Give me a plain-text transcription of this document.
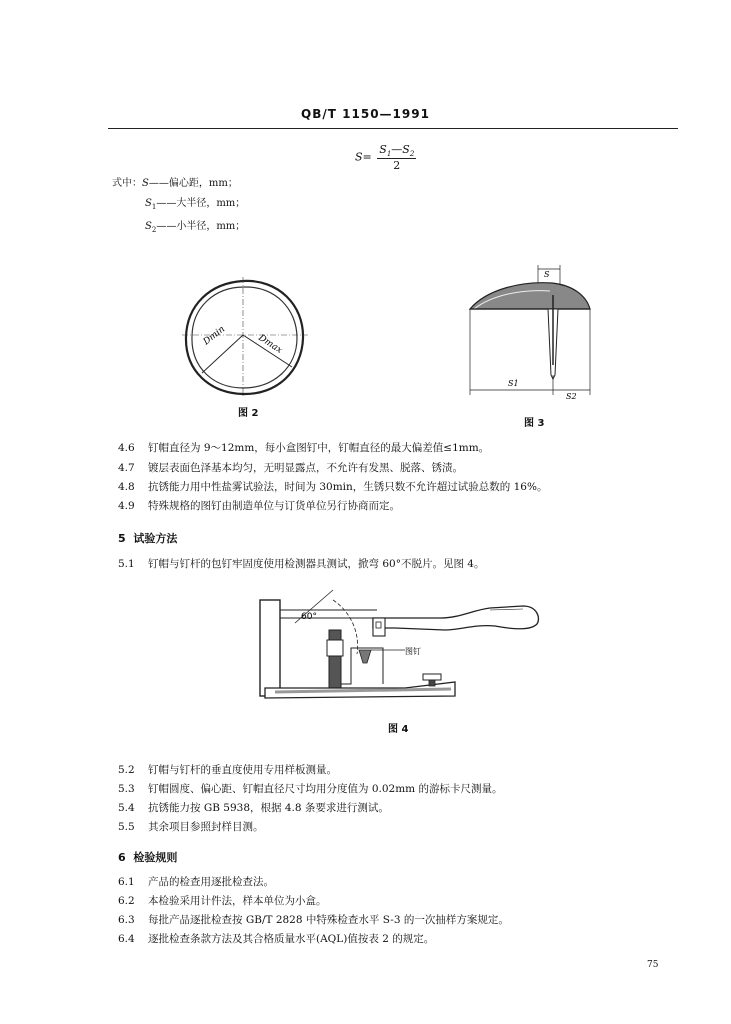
QB/T 1150—1991
$S= \frac{S_1—S_2}{2}$
式中：S——偏心距，mm；
$S_1——$大半径，mm；
$S_2——$小半径，mm；
Dmin	Dmax
图 2
S
S1
S2
图 3
4.6 钉帽直径为 9～12mm，每小盒图钉中，钉帽直径的最大偏差值≤1mm。
4.7 镀层表面色泽基本均匀，无明显露点，不允许有发黑、脱落、锈渍。
4.8 抗锈能力用中性盐雾试验法，时间为 30min，生锈只数不允许超过试验总数的 16%。
4.9 特殊规格的图钉由制造单位与订货单位另行协商而定。
5 试验方法
5.1 钉帽与钉杆的包钉牢固度使用检测器具测试，掀弯 60°不脱片。见图 4。
60°
图钉
图 4
5.2 钉帽与钉杆的垂直度使用专用样板测量。
5.3 钉帽圆度、偏心距、钉帽直径尺寸均用分度值为 0.02mm 的游标卡尺测量。
5.4 抗锈能力按 GB 5938，根据 4.8 条要求进行测试。
5.5 其余项目参照封样目测。
6 检验规则
6.1 产品的检查用逐批检查法。
6.2 本检验采用计件法，样本单位为小盒。
6.3 每批产品逐批检查按 GB/T 2828 中特殊检查水平 S-3 的一次抽样方案规定。
6.4 逐批检查条款方法及其合格质量水平(AQL)值按表 2 的规定。
75
